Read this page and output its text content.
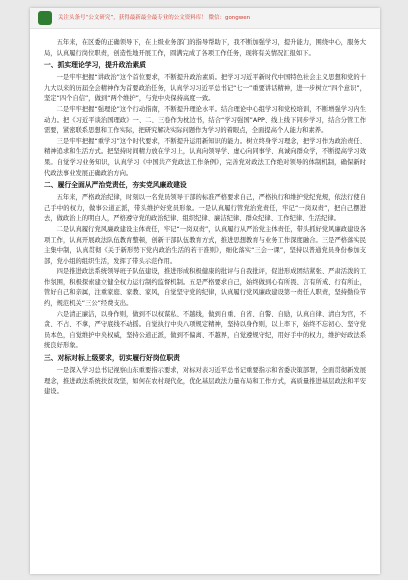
关注头条号“公文研究”，获得最新最全最专业的公文资料库！ 微信：gongwen

五年来，在区委的正确领导下，在上级业务部门的指导帮助下，我不断加强学习，提升能力，围绕中心，服务大局，认真履行岗位职责，创造性地开展工作，圆满完成了各项工作任务，现将有关情况汇报如下。

一、抓实理论学习，提升政治素质

一是牢牢把握“讲政治”这个首位要求，不断提升政治素质。把学习习近平新时代中国特色社会主义思想和党的十九大以来的历届全会精神作为首要政治任务，认真学习习近平总书记“七一”重要讲话精神，进一步树立“四个意识”，坚定“四个自信”，做到“两个维护”，与党中央保持高度一致。

二是牢牢把握“强理论”这个行动指南，不断提升理论水平。结合理论中心组学习和党校培训，不断增强学习内生动力。把《习近平谈治国理政》一、二、三卷作为枕边书，结合“学习强国”APP、线上线下同步学习，结合分管工作需要，紧密联系思想和工作实际，把研究解决实际问题作为学习的着眼点，全面提高个人能力和素养。

三是牢牢把握“重学习”这个时代要求，不断提升运用新知识的能力。树立终身学习理念，把学习作为政治责任、精神追求和生活方式。把坚持时间精力放在学习上，认真向领导学、虚心向同事学、真诚向群众学，不断提高学习效果。自觉学习业务知识，认真学习《中国共产党政法工作条例》，完善党对政法工作绝对领导的体制机制，确保新时代政法事业发展正确政治方向。

二、履行全面从严治党责任，夯实党风廉政建设

五年来，严格政治纪律，时刻以一名党员领导干部的标准严格要求自己，严格执行和维护党纪党规，依法行使自己手中的权力，做事公道正派，带头维护好党员形象。一是认真履行管党治党责任，牢记“一岗双责”，把自己摆进去，做政治上的明白人，严格遵守党的政治纪律、组织纪律、廉洁纪律、群众纪律、工作纪律、生活纪律。

二是认真履行党风廉政建设主体责任，牢记“一岗双责”，认真履行从严治党主体责任，带头抓好党风廉政建设各项工作，认真开展政法队伍教育整顿，创新干部队伍教育方式，推进思想教育与业务工作深度融合。三是严格落实民主集中制，认真贯彻《关于新形势下党内政治生活的若干准则》，细化落实“三会一课”，坚持以普通党员身份参加支部，党小组的组织生活，发挥了带头示范作用。

四是推进政法系统领导班子队伍建设，推进形成积极健康的批评与自我批评，促进形成团结紧张、严肃活泼的工作氛围，积极探索建立健全权力运行制约监督机制。五是严格要求自己，始终做到心有所畏、言有所戒、行有所止，管好自己和亲属，注重家庭、家教、家风，自觉坚守党的纪律，认真履行党风廉政建设第一责任人职责，坚持勤俭节约，规范机关“三公”经费支出。

六是清正廉洁，以身作则，做到不以权谋私、不越线，做到自重、自省、自警、自励，认真自律、清白为官，不贪、不占、不拿，严守底线不动摇。自觉执行中央八项规定精神，坚持以身作则，以上率下，始终不忘初心、坚守党员本色，自觉维护中央权威，坚持公道正派，做到不偏离、不越界，自觉遵规守纪，用好手中的权力，维护好政法系统良好形象。

三、对标对标上级要求，切实履行好岗位职责

一是深入学习总书记视察山东重要指示要求，对标对表习近平总书记重要指示和省委决策部署，全面贯彻新发展理念，推进政法系统扶贫攻坚，如何在农村现代化，优化基层政法力量布局和工作方式，高质量推进基层政法和平安建设。
